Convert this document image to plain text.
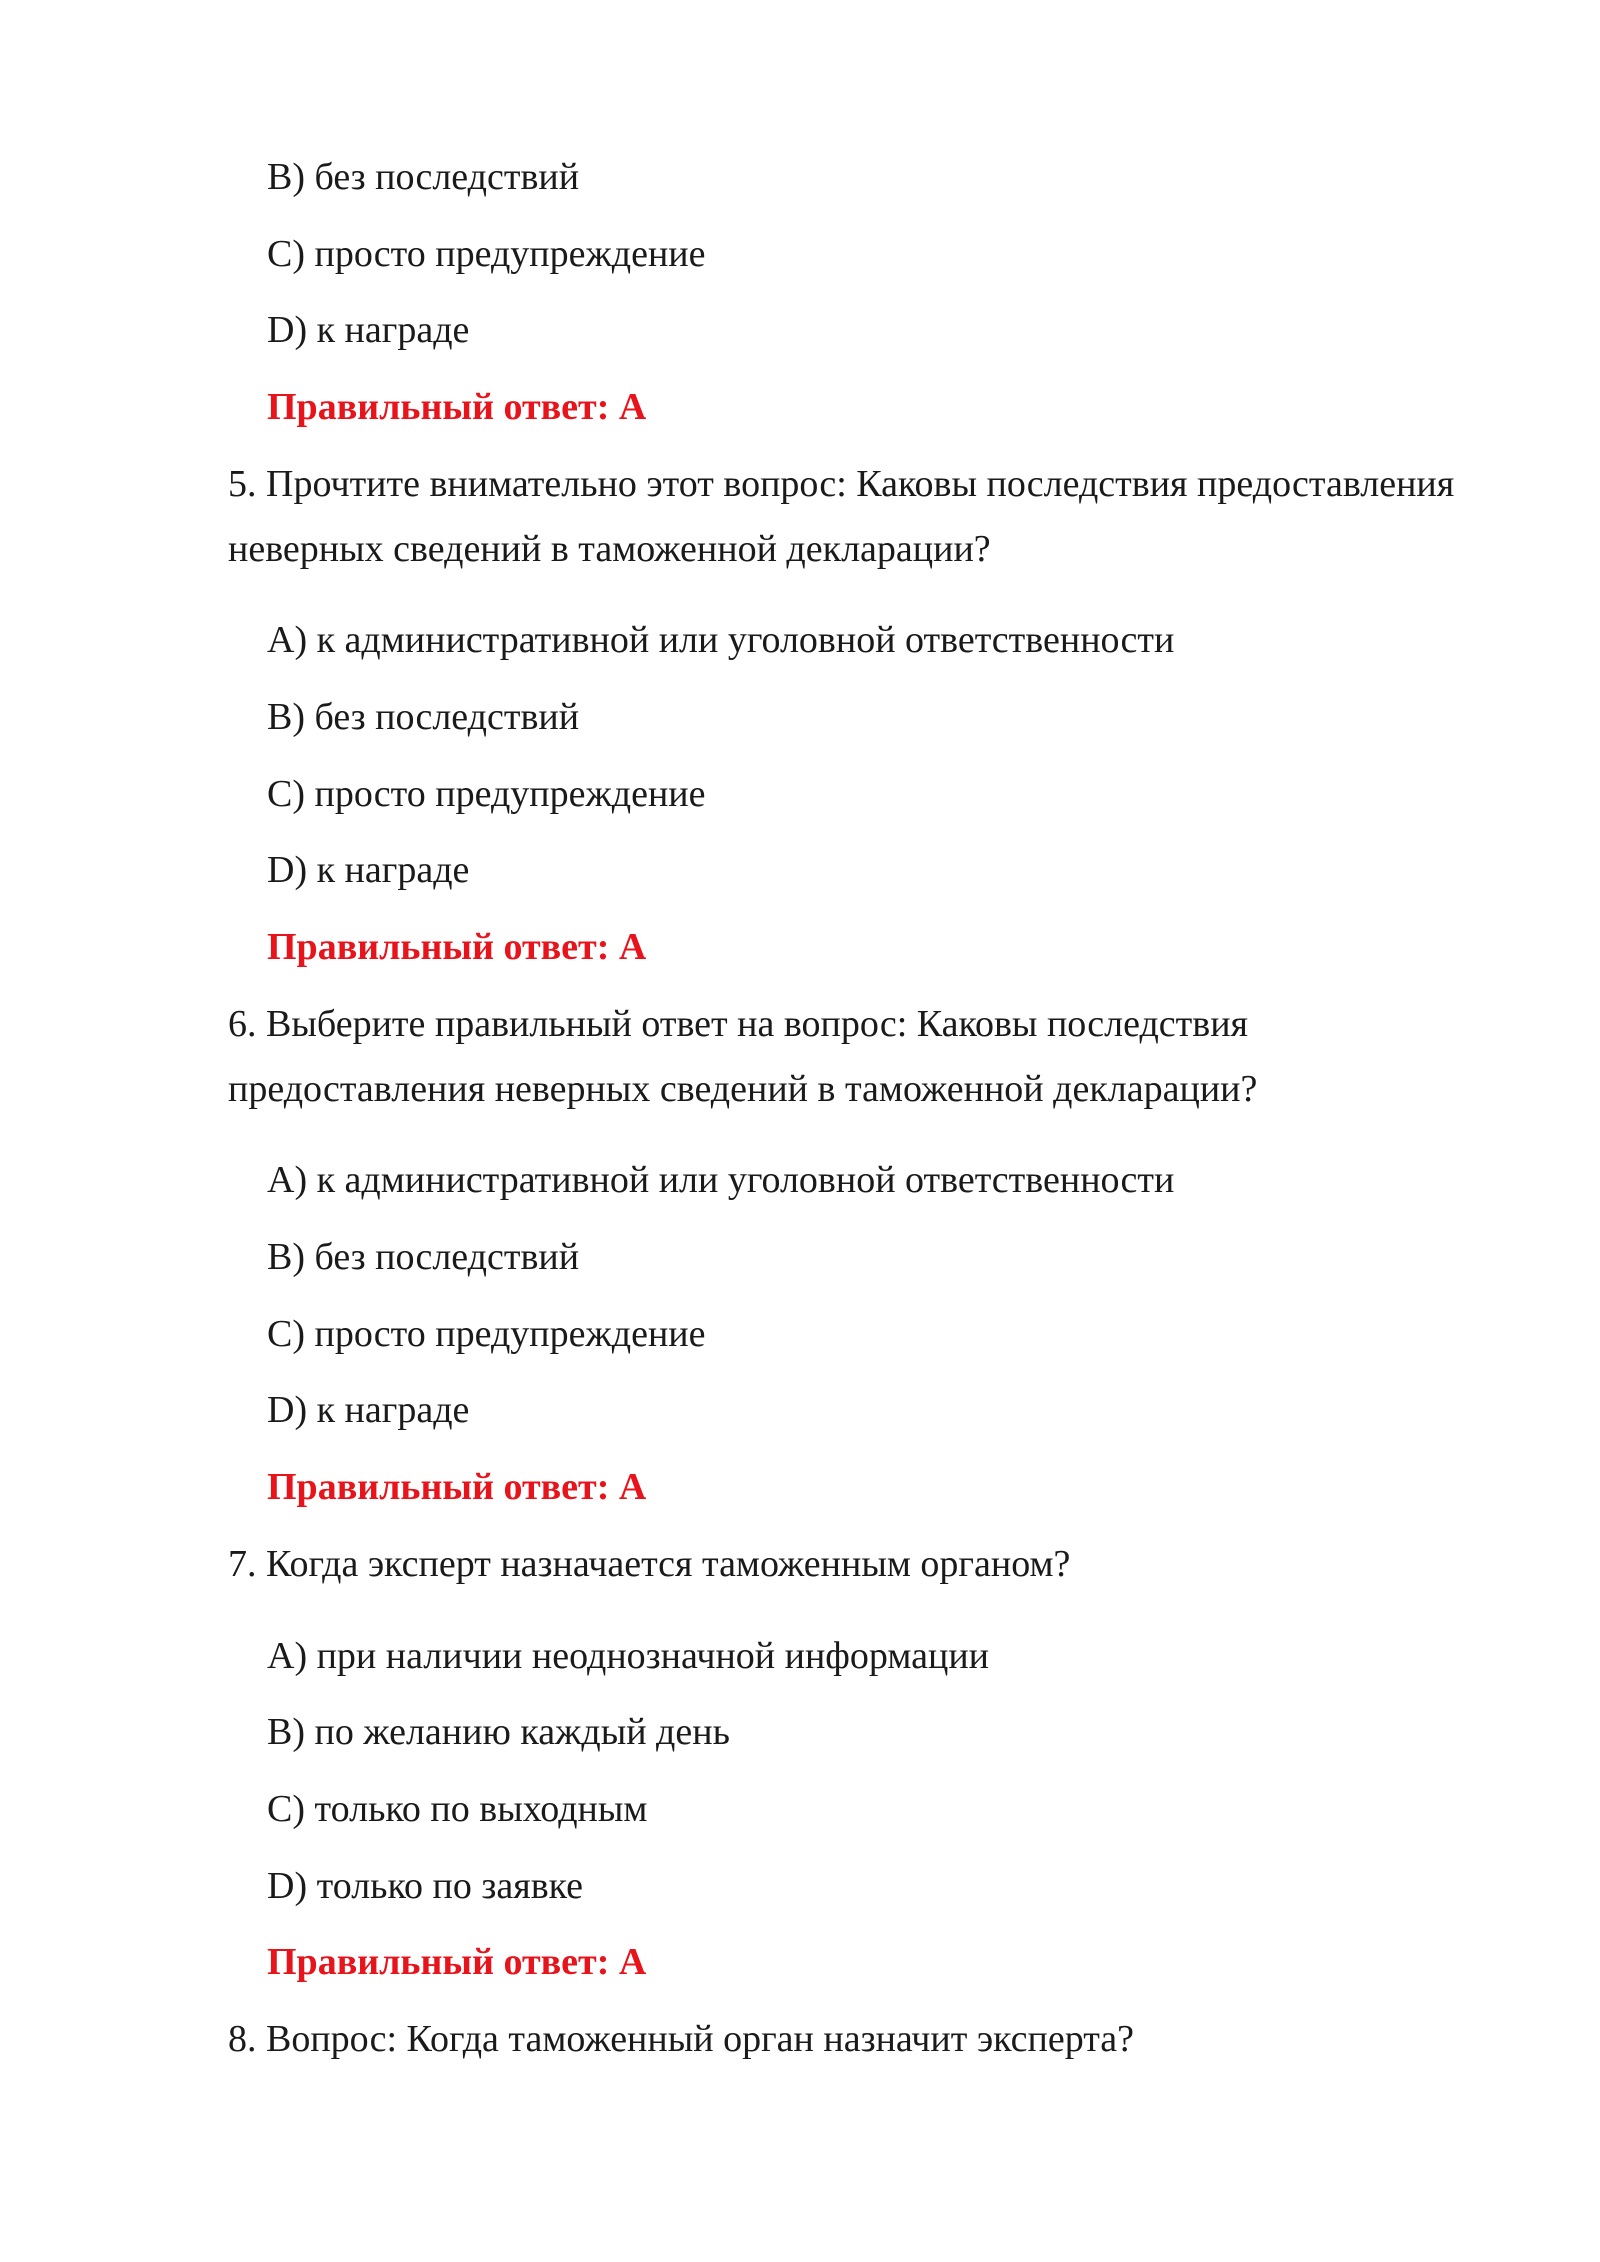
B) без последствий
C) просто предупреждение
D) к награде
Правильный ответ: A
5. Прочтите внимательно этот вопрос: Каковы последствия предоставления
неверных сведений в таможенной декларации?
A) к административной или уголовной ответственности
B) без последствий
C) просто предупреждение
D) к награде
Правильный ответ: A
6. Выберите правильный ответ на вопрос: Каковы последствия
предоставления неверных сведений в таможенной декларации?
A) к административной или уголовной ответственности
B) без последствий
C) просто предупреждение
D) к награде
Правильный ответ: A
7. Когда эксперт назначается таможенным органом?
A) при наличии неоднозначной информации
B) по желанию каждый день
C) только по выходным
D) только по заявке
Правильный ответ: A
8. Вопрос: Когда таможенный орган назначит эксперта?
